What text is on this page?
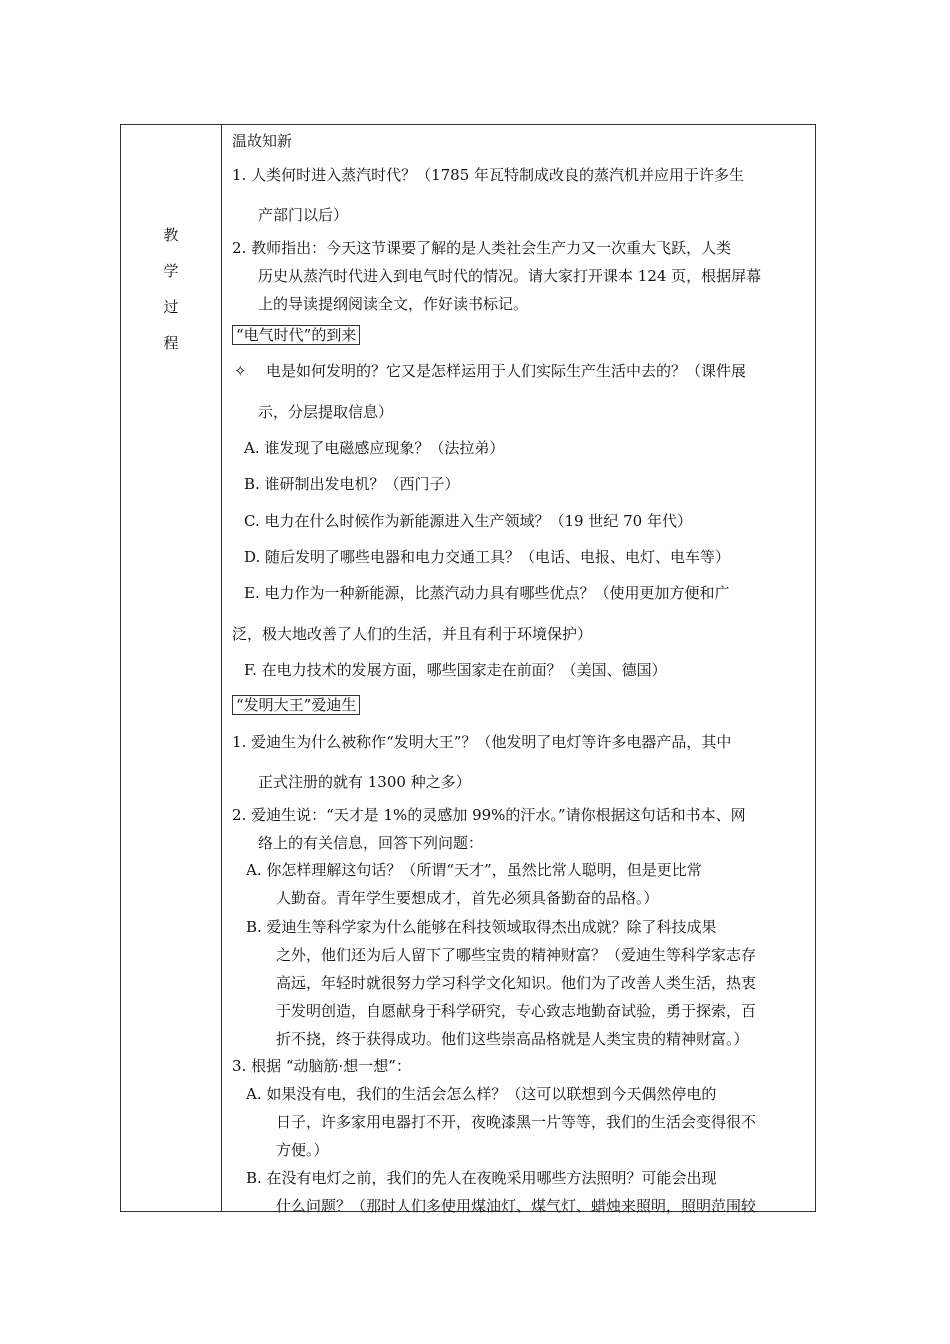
教
学
过
程
温故知新
1. 人类何时进入蒸汽时代？（1785 年瓦特制成改良的蒸汽机并应用于许多生
产部门以后）
2. 教师指出：今天这节课要了解的是人类社会生产力又一次重大飞跃，人类
历史从蒸汽时代进入到电气时代的情况。请大家打开课本 124 页，根据屏幕
上的导读提纲阅读全文，作好读书标记。
“电气时代”的到来
✧ 电是如何发明的？它又是怎样运用于人们实际生产生活中去的？（课件展
示，分层提取信息）
A. 谁发现了电磁感应现象？（法拉弟）
B. 谁研制出发电机？（西门子）
C. 电力在什么时候作为新能源进入生产领域？（19 世纪 70 年代）
D. 随后发明了哪些电器和电力交通工具？（电话、电报、电灯、电车等）
E. 电力作为一种新能源，比蒸汽动力具有哪些优点？（使用更加方便和广
泛，极大地改善了人们的生活，并且有利于环境保护）
F. 在电力技术的发展方面，哪些国家走在前面？（美国、德国）
“发明大王”爱迪生
1. 爱迪生为什么被称作“发明大王”？（他发明了电灯等许多电器产品，其中
正式注册的就有 1300 种之多）
2. 爱迪生说：“天才是 1%的灵感加 99%的汗水。”请你根据这句话和书本、网
络上的有关信息，回答下列问题：
A. 你怎样理解这句话？（所谓“天才”，虽然比常人聪明，但是更比常
人勤奋。青年学生要想成才，首先必须具备勤奋的品格。）
B. 爱迪生等科学家为什么能够在科技领域取得杰出成就？除了科技成果
之外，他们还为后人留下了哪些宝贵的精神财富？（爱迪生等科学家志存
高远，年轻时就很努力学习科学文化知识。他们为了改善人类生活，热衷
于发明创造，自愿献身于科学研究，专心致志地勤奋试验，勇于探索，百
折不挠，终于获得成功。他们这些崇高品格就是人类宝贵的精神财富。）
3. 根据 “动脑筋·想一想”：
A. 如果没有电，我们的生活会怎么样？（这可以联想到今天偶然停电的
日子，许多家用电器打不开，夜晚漆黑一片等等，我们的生活会变得很不
方便。）
B. 在没有电灯之前，我们的先人在夜晚采用哪些方法照明？可能会出现
什么问题？（那时人们多使用煤油灯、煤气灯、蜡烛来照明，照明范围较
